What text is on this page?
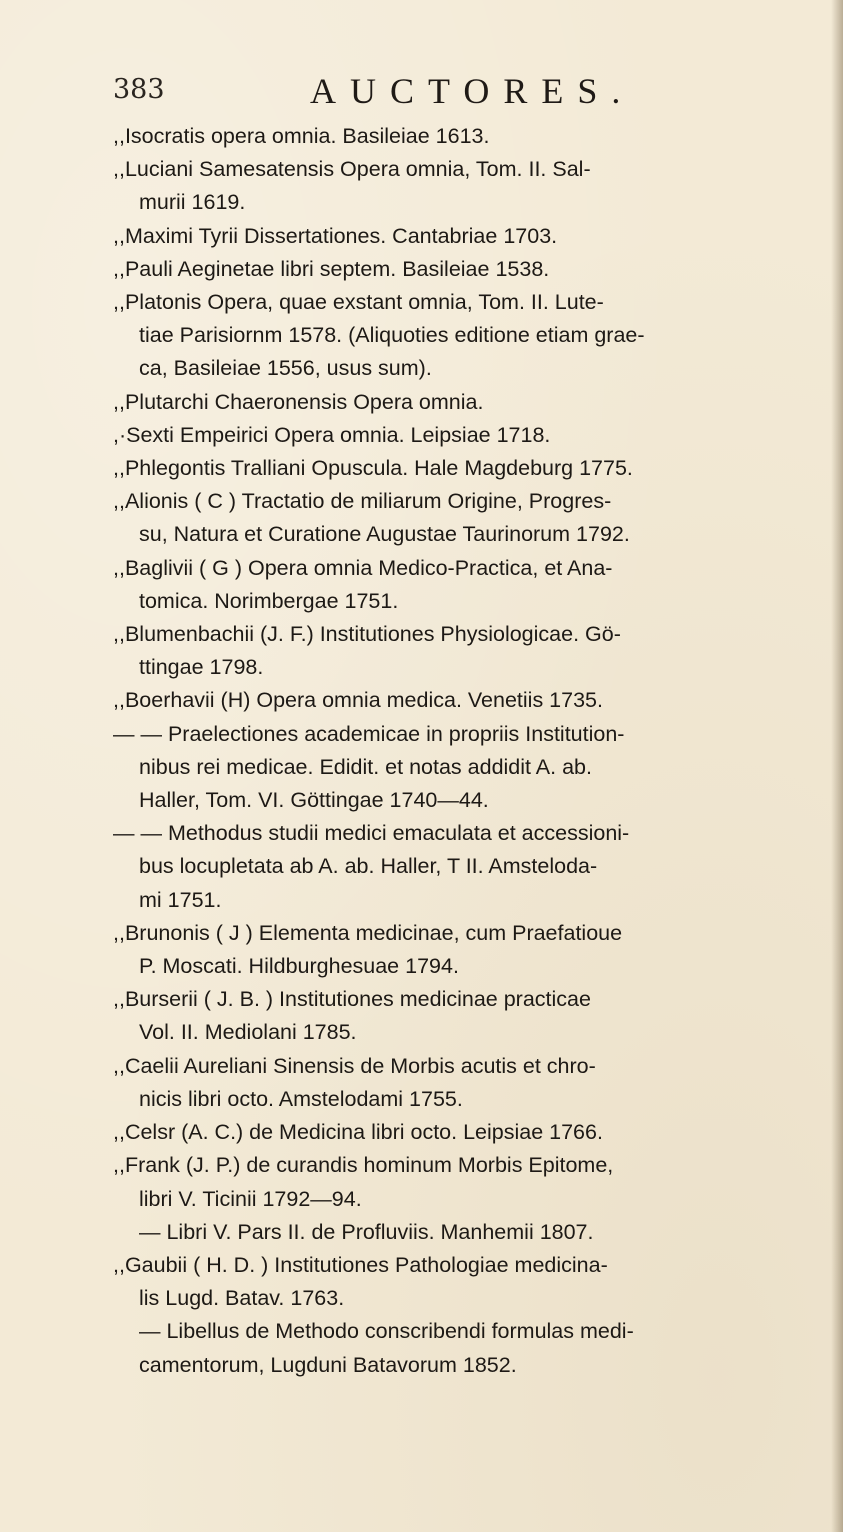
383	AUCTORES.
,,Isocratis opera omnia. Basileiae 1613.
,,Luciani Samesatensis Opera omnia, Tom. II. Sal-
murii 1619.
,,Maximi Tyrii Dissertationes. Cantabriae 1703.
,,Pauli Aeginetae libri septem. Basileiae 1538.
,,Platonis Opera, quae exstant omnia, Tom. II. Lute-
tiae Parisiornm 1578. (Aliquoties editione etiam grae-
ca, Basileiae 1556, usus sum).
,,Plutarchi Chaeronensis Opera omnia.
,·Sexti Empeirici Opera omnia. Leipsiae 1718.
,,Phlegontis Tralliani Opuscula. Hale Magdeburg 1775.
,,Alionis ( C ) Tractatio de miliarum Origine, Progres-
su, Natura et Curatione Augustae Taurinorum 1792.
,,Baglivii ( G ) Opera omnia Medico-Practica, et Ana-
tomica. Norimbergae 1751.
,,Blumenbachii (J. F.) Institutiones Physiologicae. Gö-
ttingae 1798.
,,Boerhavii (H) Opera omnia medica. Venetiis 1735.
— — Praelectiones academicae in propriis Institution-
nibus rei medicae. Edidit. et notas addidit A. ab.
Haller, Tom. VI. Göttingae 1740—44.
— — Methodus studii medici emaculata et accessioni-
bus locupletata ab A. ab. Haller, T II. Amsteloda-
mi 1751.
,,Brunonis ( J ) Elementa medicinae, cum Praefatioue
P. Moscati. Hildburghesuae 1794.
,,Burserii ( J. B. ) Institutiones medicinae practicae
Vol. II. Mediolani 1785.
,,Caelii Aureliani Sinensis de Morbis acutis et chro-
nicis libri octo. Amstelodami 1755.
,,Celsr (A. C.) de Medicina libri octo. Leipsiae 1766.
,,Frank (J. P.) de curandis hominum Morbis Epitome,
libri V. Ticinii 1792—94.
— Libri V. Pars II. de Profluviis. Manhemii 1807.
,,Gaubii ( H. D. ) Institutiones Pathologiae medicina-
lis Lugd. Batav. 1763.
— Libellus de Methodo conscribendi formulas medi-
camentorum, Lugduni Batavorum 1852.
